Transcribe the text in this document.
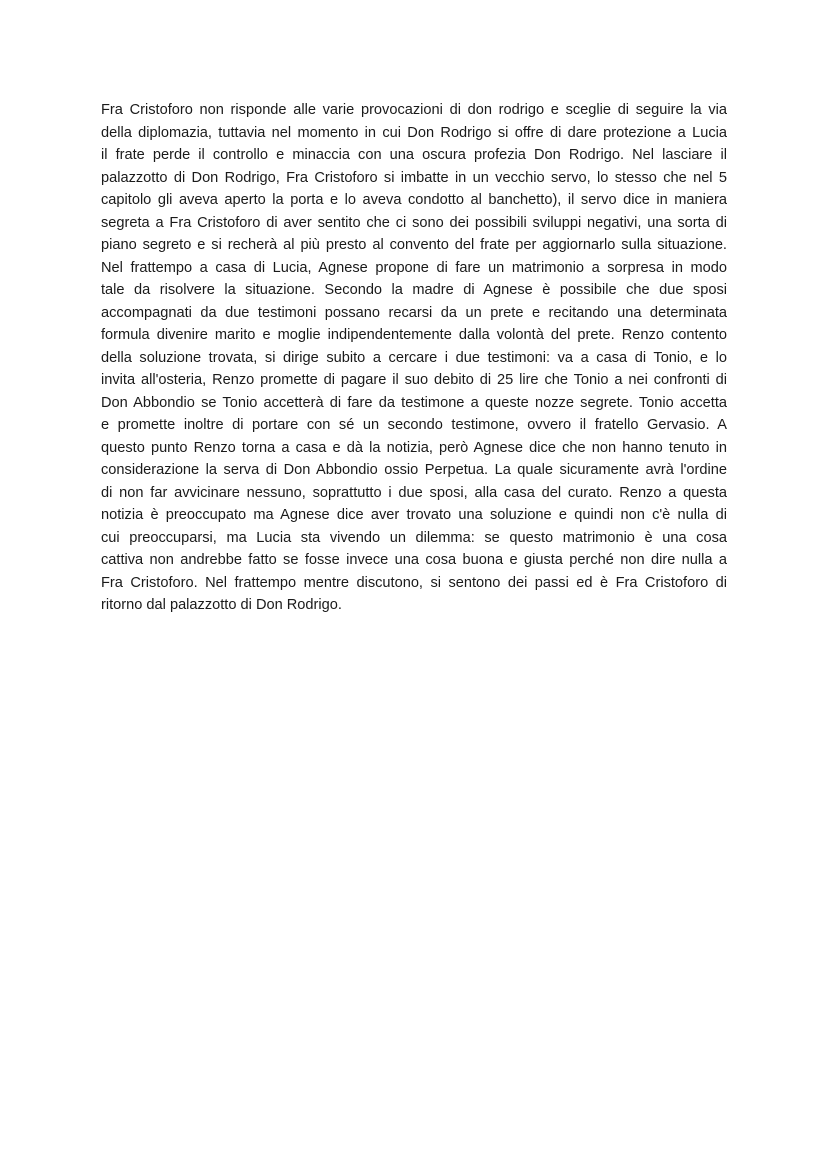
Fra Cristoforo non risponde alle varie provocazioni di don rodrigo e sceglie di seguire la via
della diplomazia, tuttavia nel momento in cui Don Rodrigo si offre di dare protezione a Lucia
il frate perde il controllo e minaccia con una oscura profezia Don Rodrigo. Nel lasciare il
palazzotto di Don Rodrigo, Fra Cristoforo si imbatte in un vecchio servo, lo stesso che nel 5
capitolo gli aveva aperto la porta e lo aveva condotto al banchetto), il servo dice in maniera
segreta a Fra Cristoforo di aver sentito che ci sono dei possibili sviluppi negativi, una sorta di
piano segreto e si recherà al più presto al convento del frate per aggiornarlo sulla situazione.
Nel frattempo a casa di Lucia, Agnese propone di fare un matrimonio a sorpresa in modo
tale da risolvere la situazione. Secondo la madre di Agnese è possibile che due sposi
accompagnati da due testimoni possano recarsi da un prete e recitando una determinata
formula divenire marito e moglie indipendentemente dalla volontà del prete. Renzo contento
della soluzione trovata, si dirige subito a cercare i due testimoni: va a casa di Tonio, e lo
invita all'osteria, Renzo promette di pagare il suo debito di 25 lire che Tonio a nei confronti di
Don Abbondio se Tonio accetterà di fare da testimone a queste nozze segrete. Tonio accetta
e promette inoltre di portare con sé un secondo testimone, ovvero il fratello Gervasio. A
questo punto Renzo torna a casa e dà la notizia, però Agnese dice che non hanno tenuto in
considerazione la serva di Don Abbondio ossio Perpetua. La quale sicuramente avrà l'ordine
di non far avvicinare nessuno, soprattutto i due sposi, alla casa del curato. Renzo a questa
notizia è preoccupato ma Agnese dice aver trovato una soluzione e quindi non c'è nulla di
cui preoccuparsi, ma Lucia sta vivendo un dilemma: se questo matrimonio è una cosa
cattiva non andrebbe fatto se fosse invece una cosa buona e giusta perché non dire nulla a
Fra Cristoforo. Nel frattempo mentre discutono, si sentono dei passi ed è Fra Cristoforo di
ritorno dal palazzotto di Don Rodrigo.
